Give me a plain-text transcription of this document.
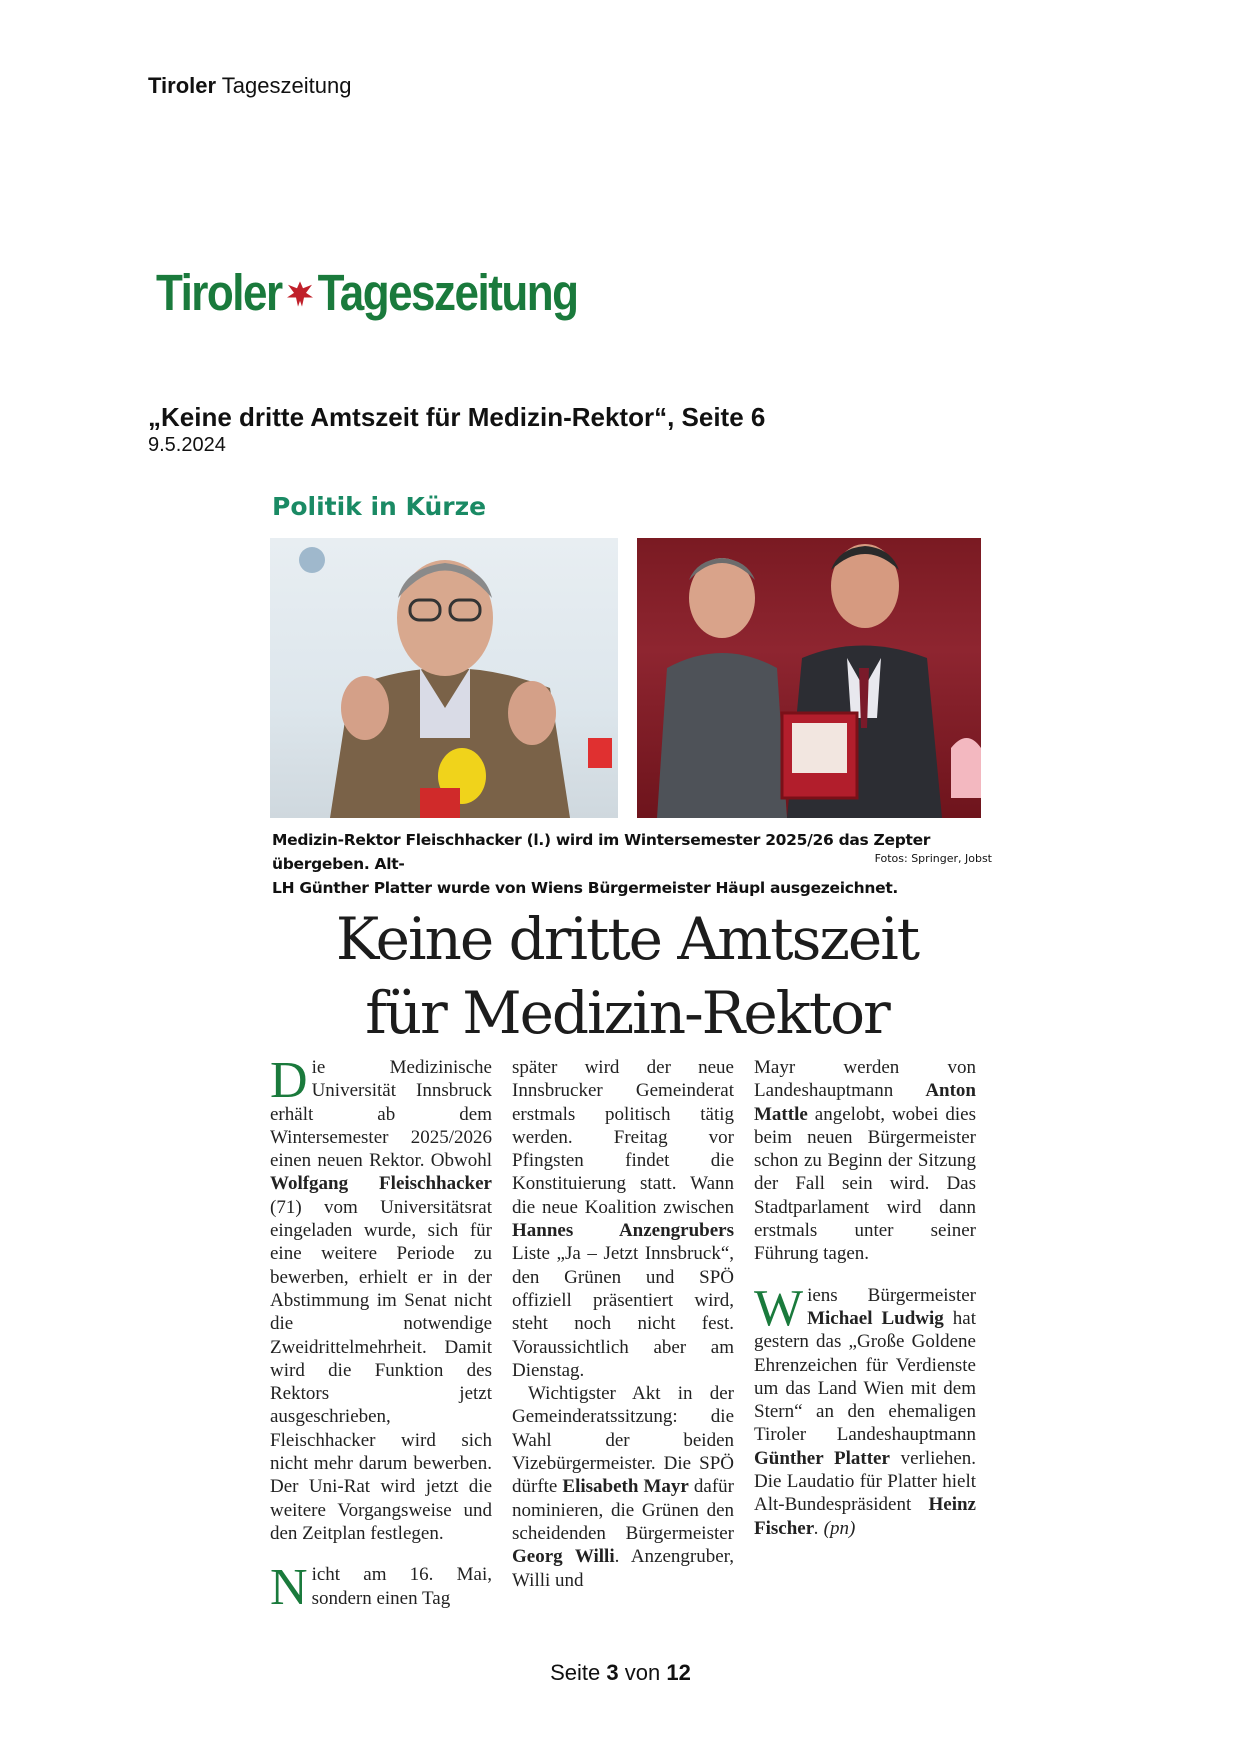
Tiroler Tageszeitung
Tiroler Tageszeitung
„Keine dritte Amtszeit für Medizin-Rektor“, Seite 6
9.5.2024
Politik in Kürze
Medizin-Rektor Fleischhacker (l.) wird im Wintersemester 2025/26 das Zepter übergeben. Alt-
LH Günther Platter wurde von Wiens Bürgermeister Häupl ausgezeichnet.
Fotos: Springer, Jobst
Keine dritte Amtszeit
für Medizin-Rektor

Die Medizinische Universität Innsbruck erhält ab dem Wintersemester 2025/2026 einen neuen Rektor. Obwohl Wolfgang Fleischhacker (71) vom Universitätsrat eingeladen wurde, sich für eine weitere Periode zu bewerben, erhielt er in der Abstimmung im Senat nicht die notwendige Zweidrittelmehrheit. Damit wird die Funktion des Rektors jetzt ausgeschrieben, Fleischhacker wird sich nicht mehr darum bewerben. Der Uni-Rat wird jetzt die weitere Vorgangsweise und den Zeitplan festlegen.

Nicht am 16. Mai, sondern einen Tag

später wird der neue Innsbrucker Gemeinderat erstmals politisch tätig werden. Freitag vor Pfingsten findet die Konstituierung statt. Wann die neue Koalition zwischen Hannes Anzengrubers Liste „Ja – Jetzt Innsbruck“, den Grünen und SPÖ offiziell präsentiert wird, steht noch nicht fest. Voraussichtlich aber am Dienstag.

Wichtigster Akt in der Gemeinderatssitzung: die Wahl der beiden Vizebürgermeister. Die SPÖ dürfte Elisabeth Mayr dafür nominieren, die Grünen den scheidenden Bürgermeister Georg Willi. Anzengruber, Willi und

Mayr werden von Landeshauptmann Anton Mattle angelobt, wobei dies beim neuen Bürgermeister schon zu Beginn der Sitzung der Fall sein wird. Das Stadtparlament wird dann erstmals unter seiner Führung tagen.

Wiens Bürgermeister Michael Ludwig hat gestern das „Große Goldene Ehrenzeichen für Verdienste um das Land Wien mit dem Stern“ an den ehemaligen Tiroler Landeshauptmann Günther Platter verliehen. Die Laudatio für Platter hielt Alt-Bundespräsident Heinz Fischer. (pn)

Seite 3 von 12
